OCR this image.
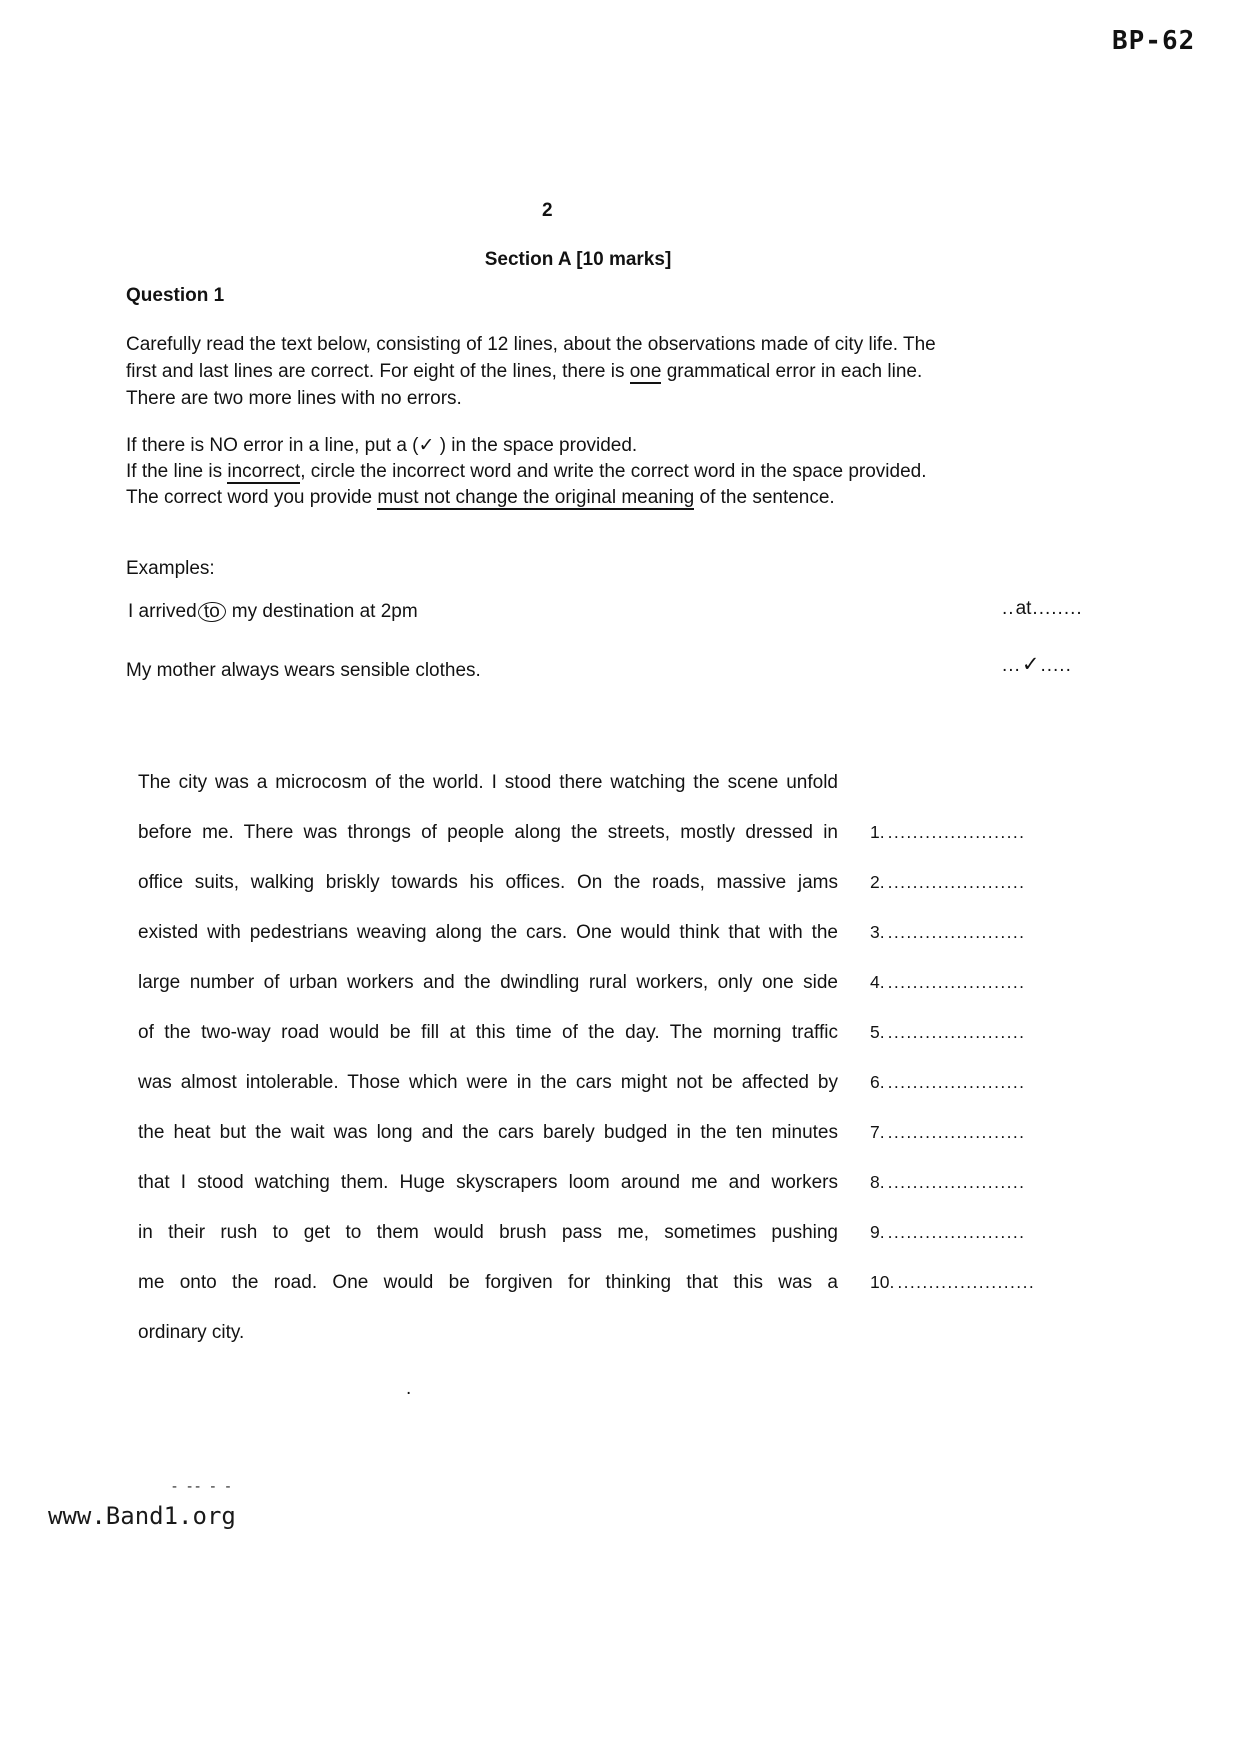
BP-62
2
Section A [10 marks]
Question 1
Carefully read the text below, consisting of 12 lines, about the observations made of city life. The
first and last lines are correct. For eight of the lines, there is one grammatical error in each line.
There are two more lines with no errors.
If there is NO error in a line, put a (✓ ) in the space provided.
If the line is incorrect, circle the incorrect word and write the correct word in the space provided.
The correct word you provide must not change the original meaning of the sentence.
Examples:
I arrived to my destination at 2pm	..at........
My mother always wears sensible clothes.	...✓.....
The city was a microcosm of the world. I stood there watching the scene unfold
before me. There was throngs of people along the streets, mostly dressed in 1. ......................
office suits, walking briskly towards his offices. On the roads, massive jams 2. ......................
existed with pedestrians weaving along the cars. One would think that with the 3. ......................
large number of urban workers and the dwindling rural workers, only one side 4. ......................
of the two-way road would be fill at this time of the day. The morning traffic 5. ......................
was almost intolerable. Those which were in the cars might not be affected by 6. ......................
the heat but the wait was long and the cars barely budged in the ten minutes 7. ......................
that I stood watching them. Huge skyscrapers loom around me and workers 8. ......................
in their rush to get to them would brush pass me, sometimes pushing 9. ......................
me onto the road. One would be forgiven for thinking that this was a 10. ......................
ordinary city.
.
- -- - -
www.Band1.org
